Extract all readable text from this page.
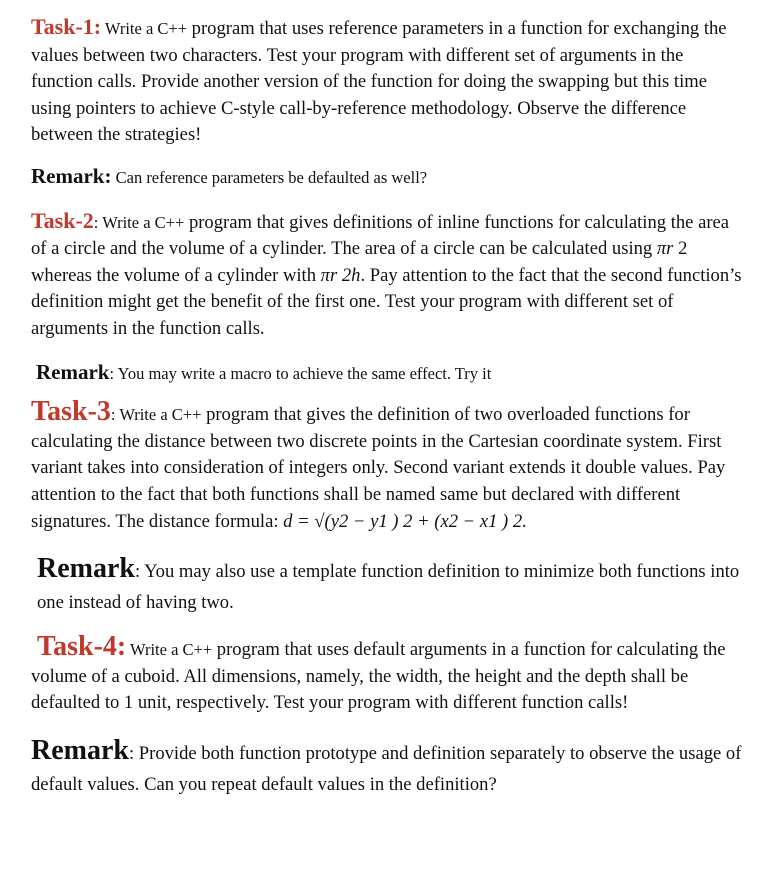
Task-1: Write a C++ program that uses reference parameters in a function for exchanging the values between two characters. Test your program with different set of arguments in the function calls. Provide another version of the function for doing the swapping but this time using pointers to achieve C-style call-by-reference methodology. Observe the difference between the strategies!

Remark: Can reference parameters be defaulted as well?

Task-2: Write a C++ program that gives definitions of inline functions for calculating the area of a circle and the volume of a cylinder. The area of a circle can be calculated using πr 2 whereas the volume of a cylinder with πr 2h. Pay attention to the fact that the second function’s definition might get the benefit of the first one. Test your program with different set of arguments in the function calls.

Remark: You may write a macro to achieve the same effect. Try it

Task-3: Write a C++ program that gives the definition of two overloaded functions for calculating the distance between two discrete points in the Cartesian coordinate system. First variant takes into consideration of integers only. Second variant extends it double values. Pay attention to the fact that both functions shall be named same but declared with different signatures. The distance formula: d = √(y2 − y1 ) 2 + (x2 − x1 ) 2.

Remark: You may also use a template function definition to minimize both functions into one instead of having two.

Task-4: Write a C++ program that uses default arguments in a function for calculating the volume of a cuboid. All dimensions, namely, the width, the height and the depth shall be defaulted to 1 unit, respectively. Test your program with different function calls!

Remark: Provide both function prototype and definition separately to observe the usage of default values. Can you repeat default values in the definition?
